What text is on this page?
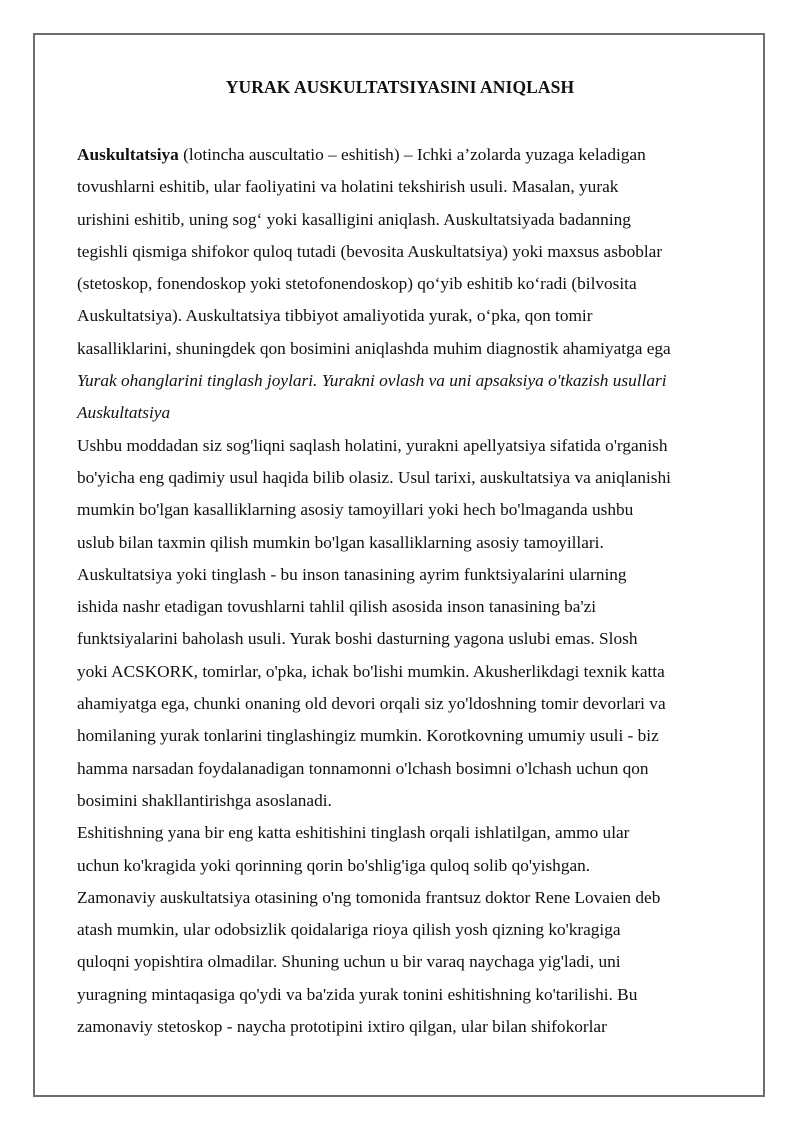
YURAK AUSKULTATSIYASINI ANIQLASH
Auskultatsiya (lotincha auscultatio – eshitish) – Ichki a’zolarda yuzaga keladigan
tovushlarni eshitib, ular faoliyatini va holatini tekshirish usuli. Masalan, yurak
urishini eshitib, uning sog‘ yoki kasalligini aniqlash. Auskultatsiyada badanning
tegishli qismiga shifokor quloq tutadi (bevosita Auskultatsiya) yoki maxsus asboblar
(stetoskop, fonendoskop yoki stetofonendoskop) qo‘yib eshitib ko‘radi (bilvosita
Auskultatsiya). Auskultatsiya tibbiyot amaliyotida yurak, o‘pka, qon tomir
kasalliklarini, shuningdek qon bosimini aniqlashda muhim diagnostik ahamiyatga ega
Yurak ohanglarini tinglash joylari. Yurakni ovlash va uni apsaksiya o'tkazish usullari
Auskultatsiya
Ushbu moddadan siz sog'liqni saqlash holatini, yurakni apellyatsiya sifatida o'rganish
bo'yicha eng qadimiy usul haqida bilib olasiz. Usul tarixi, auskultatsiya va aniqlanishi
mumkin bo'lgan kasalliklarning asosiy tamoyillari yoki hech bo'lmaganda ushbu
uslub bilan taxmin qilish mumkin bo'lgan kasalliklarning asosiy tamoyillari.
Auskultatsiya yoki tinglash - bu inson tanasining ayrim funktsiyalarini ularning
ishida nashr etadigan tovushlarni tahlil qilish asosida inson tanasining ba'zi
funktsiyalarini baholash usuli. Yurak boshi dasturning yagona uslubi emas. Slosh
yoki ACSKORK, tomirlar, o'pka, ichak bo'lishi mumkin. Akusherlikdagi texnik katta
ahamiyatga ega, chunki onaning old devori orqali siz yo'ldoshning tomir devorlari va
homilaning yurak tonlarini tinglashingiz mumkin. Korotkovning umumiy usuli - biz
hamma narsadan foydalanadigan tonnamonni o'lchash bosimni o'lchash uchun qon
bosimini shakllantirishga asoslanadi.
Eshitishning yana bir eng katta eshitishini tinglash orqali ishlatilgan, ammo ular
uchun ko'kragida yoki qorinning qorin bo'shlig'iga quloq solib qo'yishgan.
Zamonaviy auskultatsiya otasining o'ng tomonida frantsuz doktor Rene Lovaien deb
atash mumkin, ular odobsizlik qoidalariga rioya qilish yosh qizning ko'kragiga
quloqni yopishtira olmadilar. Shuning uchun u bir varaq naychaga yig'ladi, uni
yuragning mintaqasiga qo'ydi va ba'zida yurak tonini eshitishning ko'tarilishi. Bu
zamonaviy stetoskop - naycha prototipini ixtiro qilgan, ular bilan shifokorlar
